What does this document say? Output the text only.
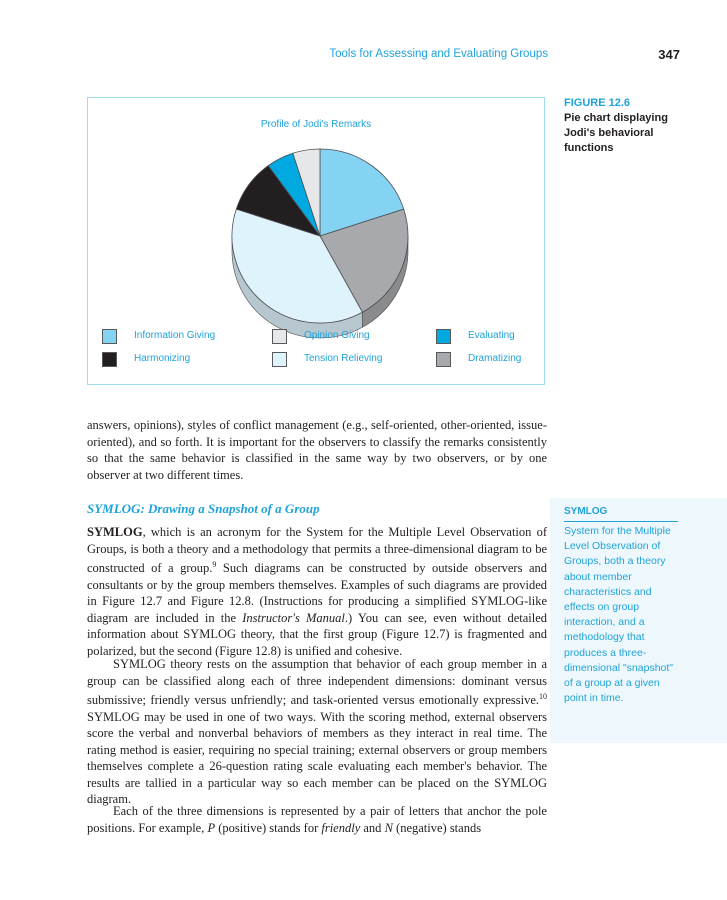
Tools for Assessing and Evaluating Groups	347
Profile of Jodi's Remarks
Information Giving	Opinion Giving	Evaluating
Harmonizing	Tension Relieving	Dramatizing
FIGURE 12.6
Pie chart displaying Jodi's behavioral functions

answers, opinions), styles of conflict management (e.g., self-oriented, other-oriented, issue-oriented), and so forth. It is important for the observers to classify the remarks consistently so that the same behavior is classified in the same way by two observers, or by one observer at two different times.

SYMLOG: Drawing a Snapshot of a Group

SYMLOG, which is an acronym for the System for the Multiple Level Observation of Groups, is both a theory and a methodology that permits a three-dimensional diagram to be constructed of a group.$^9$ Such diagrams can be constructed by outside observers and consultants or by the group members themselves. Examples of such diagrams are provided in Figure 12.7 and Figure 12.8. (Instructions for producing a simplified SYMLOG-like diagram are included in the Instructor's Manual.) You can see, even without detailed information about SYMLOG theory, that the first group (Figure 12.7) is fragmented and polarized, but the second (Figure 12.8) is unified and cohesive.

SYMLOG theory rests on the assumption that behavior of each group member in a group can be classified along each of three independent dimensions: dominant versus submissive; friendly versus unfriendly; and task-oriented versus emotionally expressive.$^{10}$ SYMLOG may be used in one of two ways. With the scoring method, external observers score the verbal and nonverbal behaviors of members as they interact in real time. The rating method is easier, requiring no special training; external observers or group members themselves complete a 26-question rating scale evaluating each member's behavior. The results are tallied in a particular way so each member can be placed on the SYMLOG diagram.

Each of the three dimensions is represented by a pair of letters that anchor the pole positions. For example, P (positive) stands for friendly and N (negative) stands

SYMLOG
System for the Multiple Level Observation of Groups, both a theory about member characteristics and effects on group interaction, and a methodology that produces a three-dimensional "snapshot" of a group at a given point in time.
